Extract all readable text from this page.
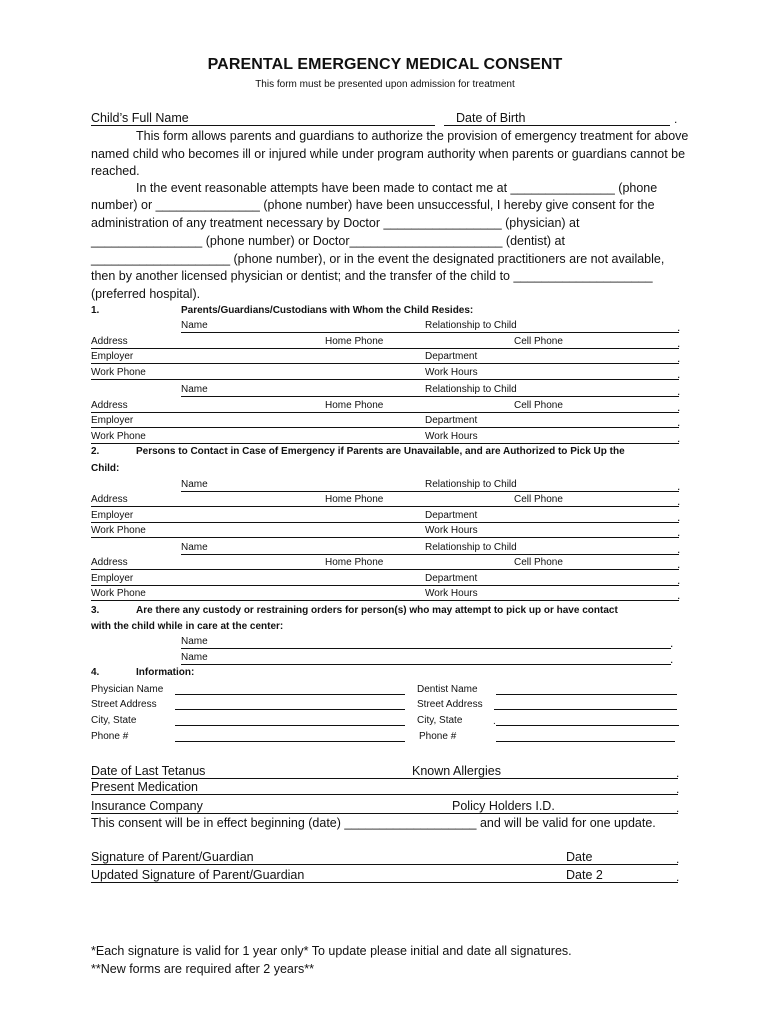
PARENTAL EMERGENCY MEDICAL CONSENT
This form must be presented upon admission for treatment
Child’s Full Name	Date of Birth	.
This form allows parents and guardians to authorize the provision of emergency treatment for above named child who becomes ill or injured while under program authority when parents or guardians cannot be reached.
In the event reasonable attempts have been made to contact me at _______________ (phone
number) or _______________ (phone number) have been unsuccessful, I hereby give consent for the
administration of any treatment necessary by Doctor _________________ (physician) at
________________ (phone number) or Doctor______________________ (dentist) at
____________________ (phone number), or in the event the designated practitioners are not available,
then by another licensed physician or dentist; and the transfer of the child to ____________________
(preferred hospital).
1.	Parents/Guardians/Custodians with Whom the Child Resides:
Name	Relationship to Child	.
Address	Home Phone	Cell Phone	.
Employer	Department	.
Work Phone	Work Hours	.
Name	Relationship to Child	.
Address	Home Phone	Cell Phone	.
Employer	Department	.
Work Phone	Work Hours	.
2.	Persons to Contact in Case of Emergency if Parents are Unavailable, and are Authorized to Pick Up the
Child:
Name	Relationship to Child	.
Address	Home Phone	Cell Phone	.
Employer	Department	.
Work Phone	Work Hours	.
Name	Relationship to Child	.
Address	Home Phone	Cell Phone	.
Employer	Department	.
Work Phone	Work Hours	.
3.	Are there any custody or restraining orders for person(s) who may attempt to pick up or have contact
with the child while in care at the center:
Name	.
Name	.
4.	Information:
Physician Name	Dentist Name
Street Address	Street Address
City, State	City, State	.
Phone #	Phone #
Date of Last Tetanus	Known Allergies	.
Present Medication	.
Insurance Company	Policy Holders I.D.	.
This consent will be in effect beginning (date) ___________________ and will be valid for one update.
Signature of Parent/Guardian	Date	.
Updated Signature of Parent/Guardian	Date 2	.
*Each signature is valid for 1 year only* To update please initial and date all signatures.
**New forms are required after 2 years**
